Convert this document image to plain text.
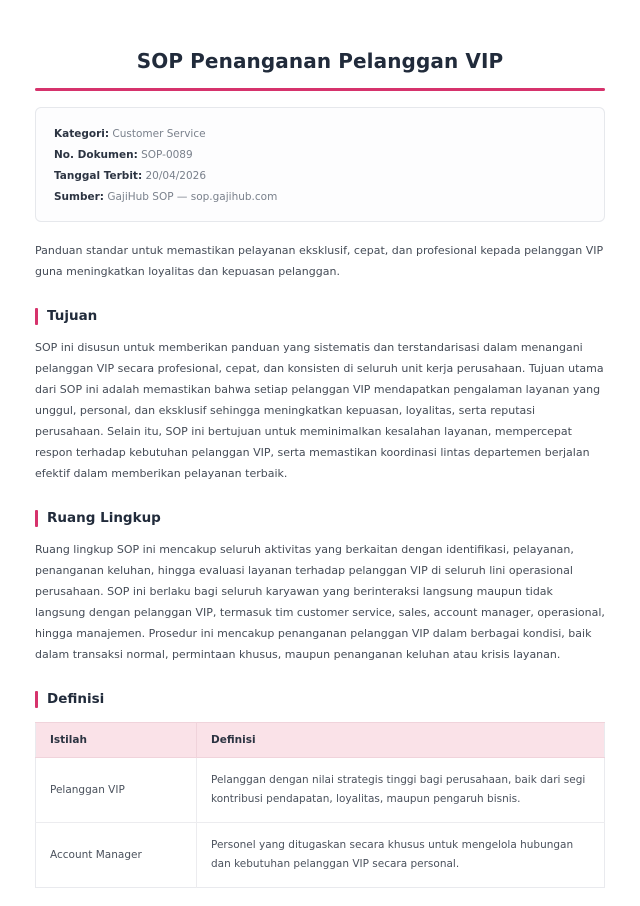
SOP Penanganan Pelanggan VIP
Kategori: Customer Service
No. Dokumen: SOP-0089
Tanggal Terbit: 20/04/2026
Sumber: GajiHub SOP — sop.gajihub.com

Panduan standar untuk memastikan pelayanan eksklusif, cepat, dan profesional kepada pelanggan VIP guna meningkatkan loyalitas dan kepuasan pelanggan.

Tujuan

SOP ini disusun untuk memberikan panduan yang sistematis dan terstandarisasi dalam menangani pelanggan VIP secara profesional, cepat, dan konsisten di seluruh unit kerja perusahaan. Tujuan utama dari SOP ini adalah memastikan bahwa setiap pelanggan VIP mendapatkan pengalaman layanan yang unggul, personal, dan eksklusif sehingga meningkatkan kepuasan, loyalitas, serta reputasi perusahaan. Selain itu, SOP ini bertujuan untuk meminimalkan kesalahan layanan, mempercepat respon terhadap kebutuhan pelanggan VIP, serta memastikan koordinasi lintas departemen berjalan efektif dalam memberikan pelayanan terbaik.

Ruang Lingkup

Ruang lingkup SOP ini mencakup seluruh aktivitas yang berkaitan dengan identifikasi, pelayanan, penanganan keluhan, hingga evaluasi layanan terhadap pelanggan VIP di seluruh lini operasional perusahaan. SOP ini berlaku bagi seluruh karyawan yang berinteraksi langsung maupun tidak langsung dengan pelanggan VIP, termasuk tim customer service, sales, account manager, operasional, hingga manajemen. Prosedur ini mencakup penanganan pelanggan VIP dalam berbagai kondisi, baik dalam transaksi normal, permintaan khusus, maupun penanganan keluhan atau krisis layanan.

Definisi
Istilah	Definisi
Pelanggan VIP	Pelanggan dengan nilai strategis tinggi bagi perusahaan, baik dari segi kontribusi pendapatan, loyalitas, maupun pengaruh bisnis.
Account Manager	Personel yang ditugaskan secara khusus untuk mengelola hubungan dan kebutuhan pelanggan VIP secara personal.
